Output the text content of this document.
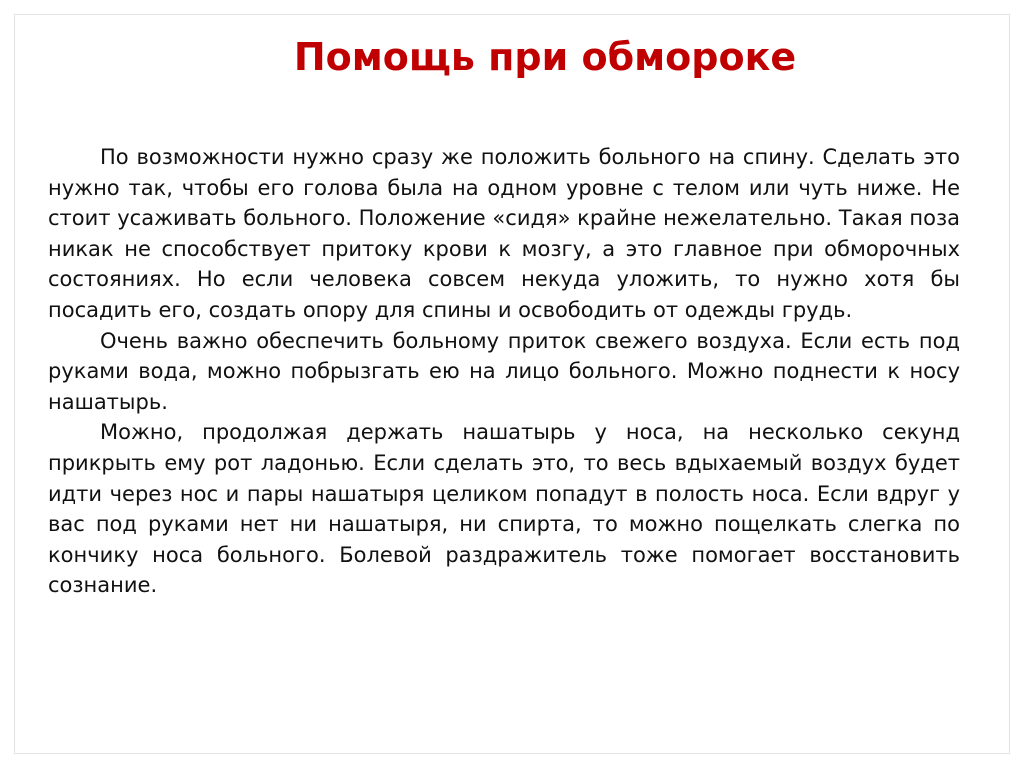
Помощь при обмороке

По возможности нужно сразу же положить больного на спину. Сделать это нужно так, чтобы его голова была на одном уровне с телом или чуть ниже. Не стоит усаживать больного. Положение «сидя» крайне нежелательно. Такая поза никак не способствует притоку крови к мозгу, а это главное при обморочных состояниях. Но если человека совсем некуда уложить, то нужно хотя бы посадить его, создать опору для спины и освободить от одежды грудь.

Очень важно обеспечить больному приток свежего воздуха. Если есть под руками вода, можно побрызгать ею на лицо больного. Можно поднести к носу нашатырь.

Можно, продолжая держать нашатырь у носа, на несколько секунд прикрыть ему рот ладонью. Если сделать это, то весь вдыхаемый воздух будет идти через нос и пары нашатыря целиком попадут в полость носа. Если вдруг у вас под руками нет ни нашатыря, ни спирта, то можно пощелкать слегка по кончику носа больного. Болевой раздражитель тоже помогает восстановить сознание.
